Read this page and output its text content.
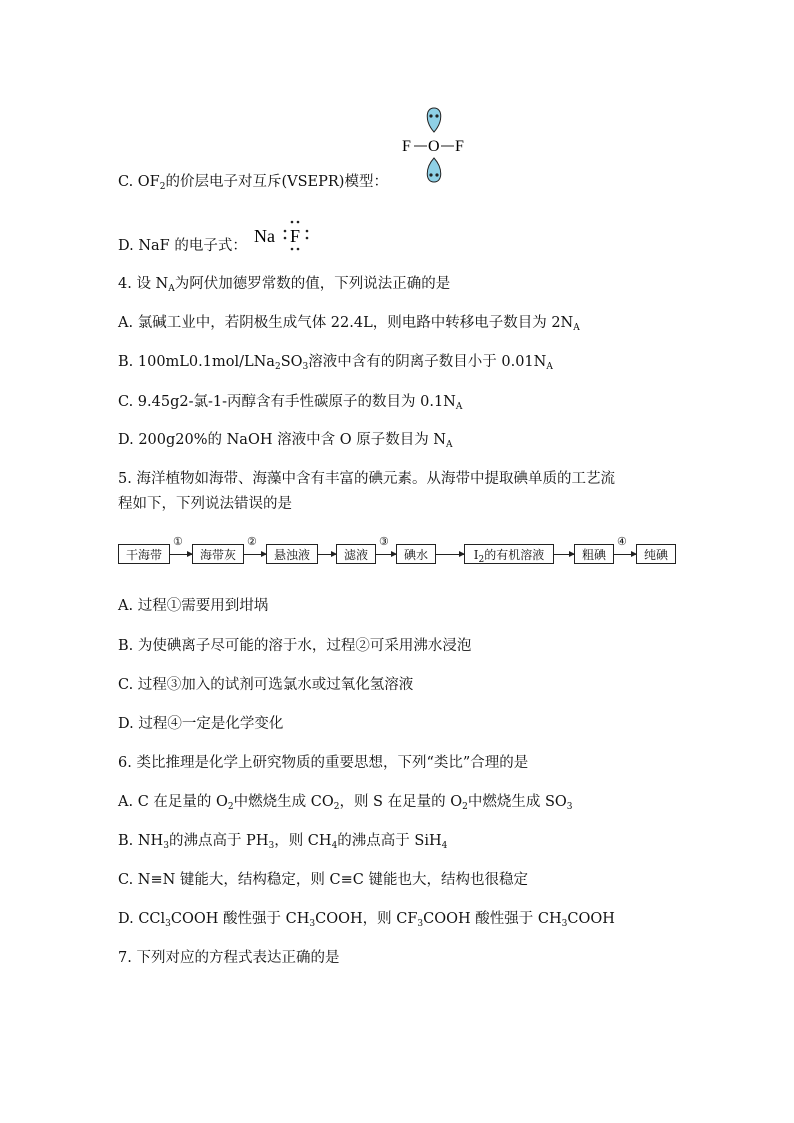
F O F
C. $OF_2$的价层电子对互斥(VSEPR)模型：
Na F
D. NaF 的电子式：
4. 设 $N_A$为阿伏加德罗常数的值，下列说法正确的是
A. 氯碱工业中，若阴极生成气体 22.4L，则电路中转移电子数目为 $2N_A$
B. $100mL0.1mol/LNa_2SO_3$溶液中含有的阴离子数目小于 $0.01N_A$
C. 9.45g2-氯-1-丙醇含有手性碳原子的数目为 $0.1N_A$
D. 200g20%的 NaOH 溶液中含 O 原子数目为 $N_A$
5. 海洋植物如海带、海藻中含有丰富的碘元素。从海带中提取碘单质的工艺流
程如下，下列说法错误的是
干海带
①
海带灰
②
悬浊液	滤液
③
碘水	$I_2$的有机溶液	粗碘
④
纯碘
A. 过程①需要用到坩埚
B. 为使碘离子尽可能的溶于水，过程②可采用沸水浸泡
C. 过程③加入的试剂可选氯水或过氧化氢溶液
D. 过程④一定是化学变化
6. 类比推理是化学上研究物质的重要思想，下列“类比”合理的是
A. C 在足量的 $O_2$中燃烧生成 $CO_2$，则 S 在足量的 $O_2$中燃烧生成 $SO_3$
B. $NH_3$的沸点高于 $PH_3$，则 $CH_4$的沸点高于 SiH$_4$
C. N≡N 键能大，结构稳定，则 C≡C 键能也大，结构也很稳定
D. CCl$_3$COOH 酸性强于 $CH_3COOH$，则 $CF_3COOH$ 酸性强于 $CH_3COOH$
7. 下列对应的方程式表达正确的是
